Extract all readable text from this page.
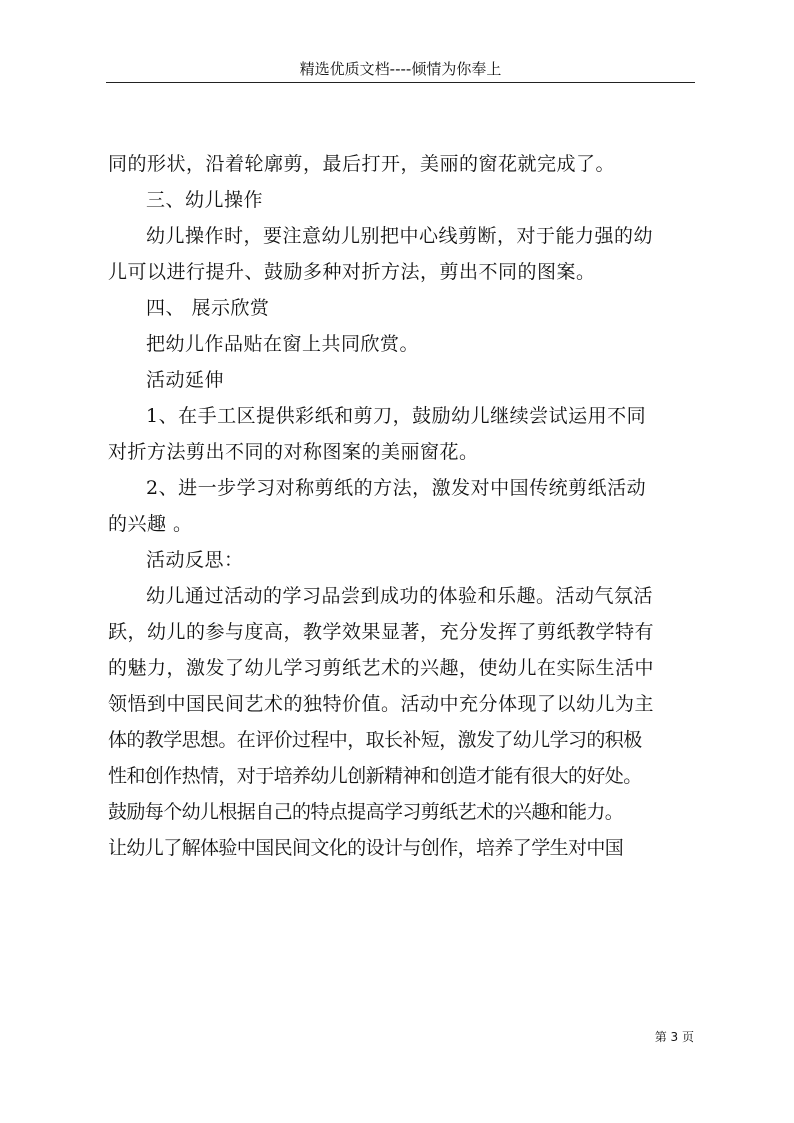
精选优质文档----倾情为你奉上
同的形状，沿着轮廓剪，最后打开，美丽的窗花就完成了。
三、幼儿操作
幼儿操作时，要注意幼儿别把中心线剪断，对于能力强的幼
儿可以进行提升、鼓励多种对折方法，剪出不同的图案。
四、 展示欣赏
把幼儿作品贴在窗上共同欣赏。
活动延伸
1、在手工区提供彩纸和剪刀，鼓励幼儿继续尝试运用不同
对折方法剪出不同的对称图案的美丽窗花。
2、进一步学习对称剪纸的方法，激发对中国传统剪纸活动
的兴趣 。
活动反思：
幼儿通过活动的学习品尝到成功的体验和乐趣。活动气氛活
跃，幼儿的参与度高，教学效果显著，充分发挥了剪纸教学特有
的魅力，激发了幼儿学习剪纸艺术的兴趣，使幼儿在实际生活中
领悟到中国民间艺术的独特价值。活动中充分体现了以幼儿为主
体的教学思想。在评价过程中，取长补短，激发了幼儿学习的积极
性和创作热情，对于培养幼儿创新精神和创造才能有很大的好处。
鼓励每个幼儿根据自己的特点提高学习剪纸艺术的兴趣和能力。
让幼儿了解体验中国民间文化的设计与创作，培养了学生对中国
第 3 页
